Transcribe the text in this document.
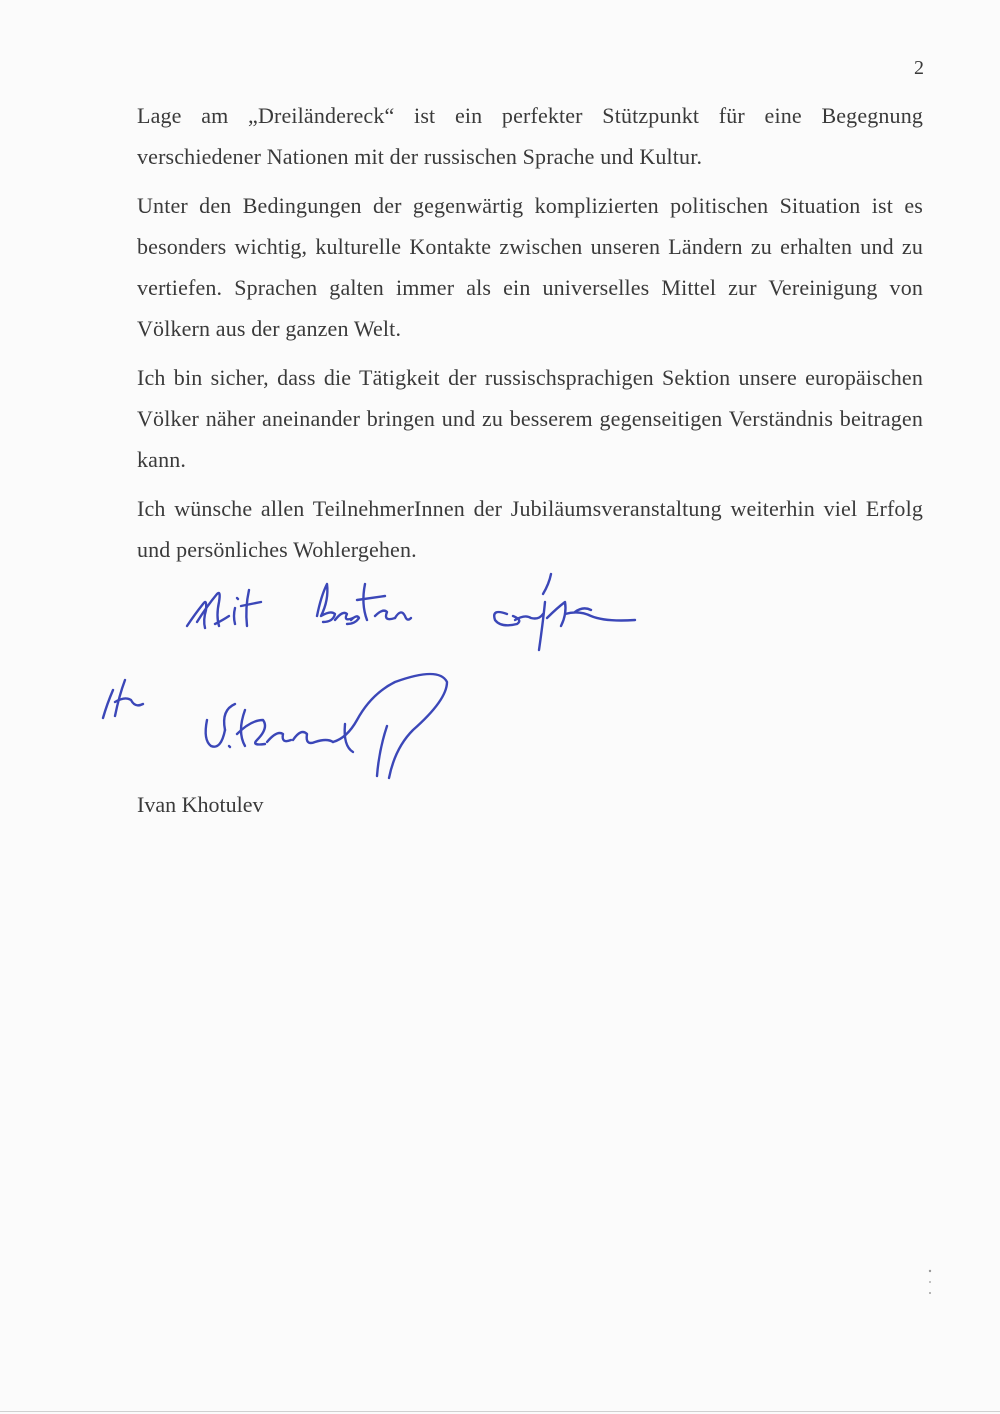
2

Lage am „Dreiländereck“ ist ein perfekter Stützpunkt für eine Begegnung verschiedener Nationen mit der russischen Sprache und Kultur.

Unter den Bedingungen der gegenwärtig komplizierten politischen Situation ist es besonders wichtig, kulturelle Kontakte zwischen unseren Ländern zu erhalten und zu vertiefen. Sprachen galten immer als ein universelles Mittel zur Vereinigung von Völkern aus der ganzen Welt.

Ich bin sicher, dass die Tätigkeit der russischsprachigen Sektion unsere europäischen Völker näher aneinander bringen und zu besserem gegenseitigen Verständnis beitragen kann.

Ich wünsche allen TeilnehmerInnen der Jubiläumsveranstaltung weiterhin viel Erfolg und persönliches Wohlergehen.

Ivan Khotulev
